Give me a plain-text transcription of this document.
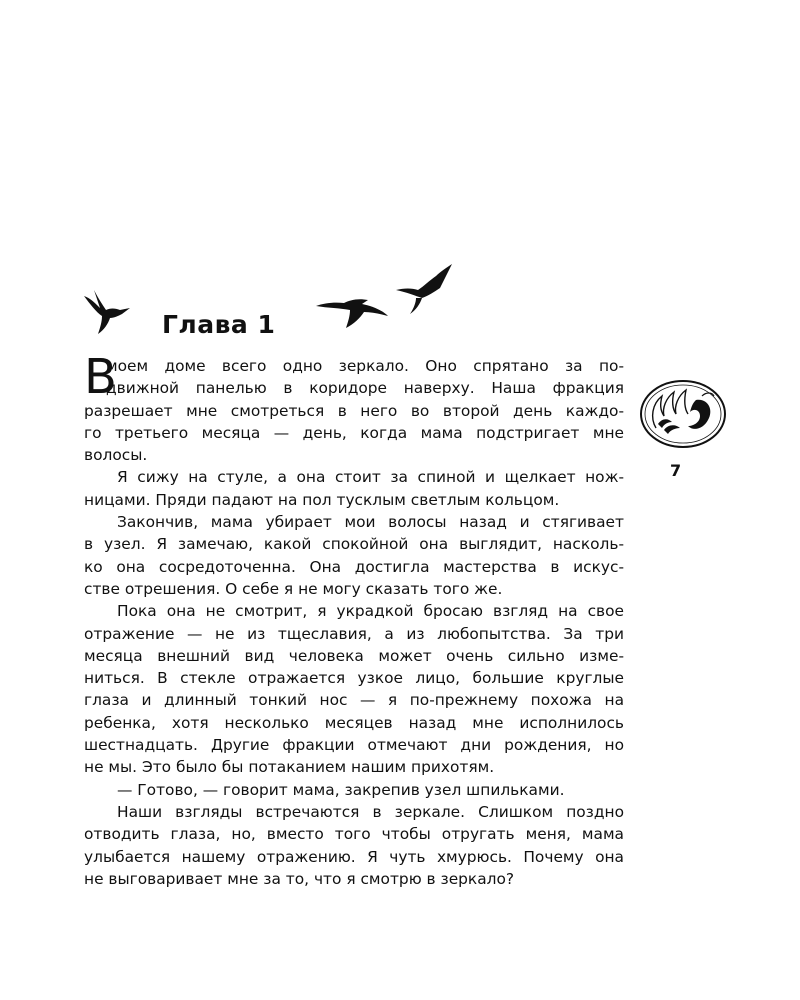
Глава 1
В
моем доме всего одно зеркало. Оно спрятано за по-
движной панелью в коридоре наверху. Наша фракция
разрешает мне смотреться в него во второй день каждо-
го третьего месяца — день, когда мама подстригает мне
волосы.
Я сижу на стуле, а она стоит за спиной и щелкает нож-
ницами. Пряди падают на пол тусклым светлым кольцом.
Закончив, мама убирает мои волосы назад и стягивает
в узел. Я замечаю, какой спокойной она выглядит, насколь-
ко она сосредоточенна. Она достигла мастерства в искус-
стве отрешения. О себе я не могу сказать того же.
Пока она не смотрит, я украдкой бросаю взгляд на свое
отражение — не из тщеславия, а из любопытства. За три
месяца внешний вид человека может очень сильно изме-
ниться. В стекле отражается узкое лицо, большие круглые
глаза и длинный тонкий нос — я по-прежнему похожа на
ребенка, хотя несколько месяцев назад мне исполнилось
шестнадцать. Другие фракции отмечают дни рождения, но
не мы. Это было бы потаканием нашим прихотям.
— Готово, — говорит мама, закрепив узел шпильками.
Наши взгляды встречаются в зеркале. Слишком поздно
отводить глаза, но, вместо того чтобы отругать меня, мама
улыбается нашему отражению. Я чуть хмурюсь. Почему она
не выговаривает мне за то, что я смотрю в зеркало?
7
